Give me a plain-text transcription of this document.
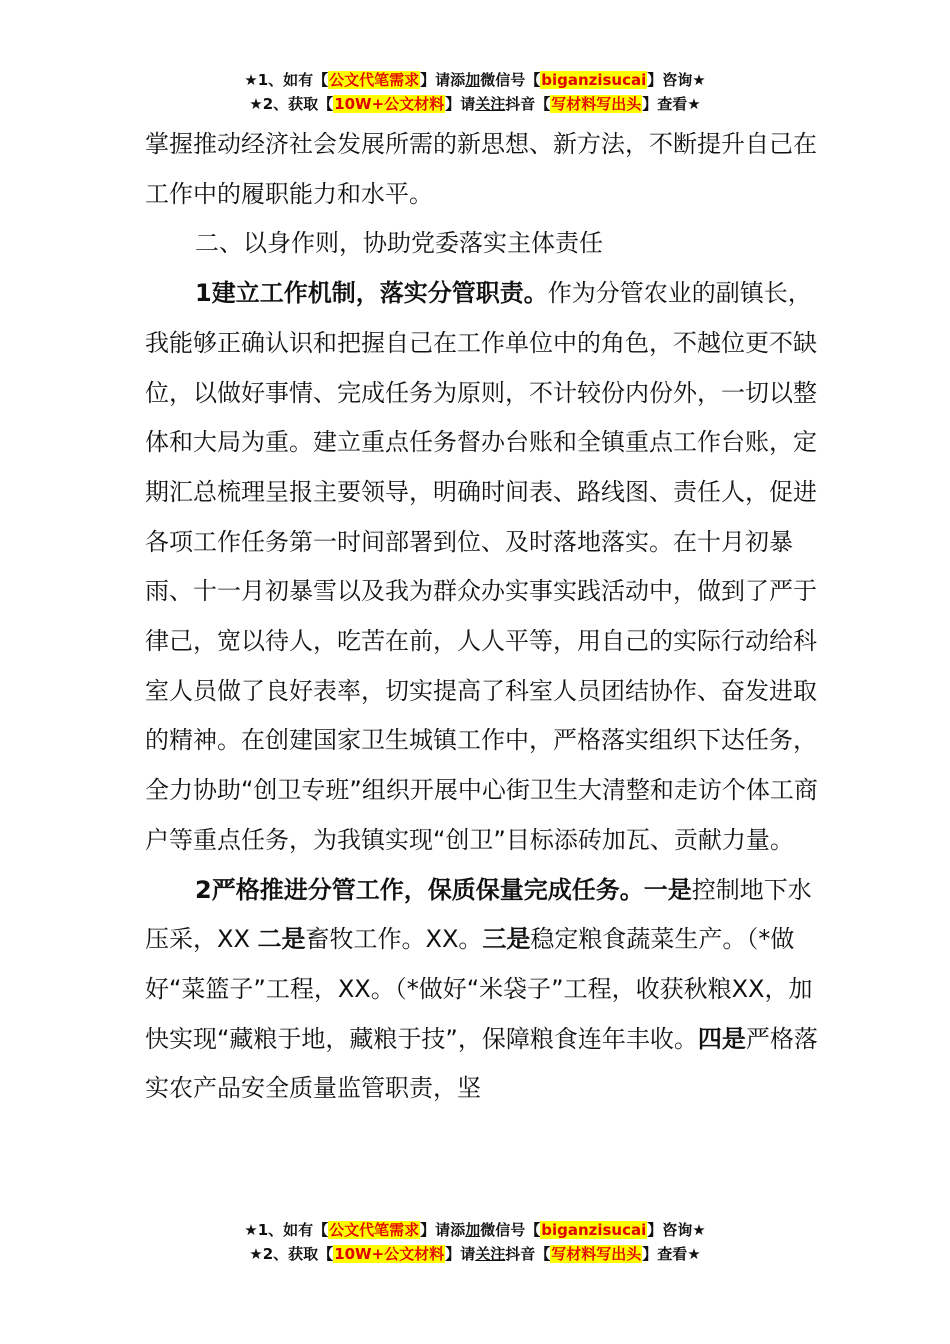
★1、如有【公文代笔需求】请添加微信号【biganzisucai】咨询★
★2、获取【10W+公文材料】请关注抖音【写材料写出头】查看★

掌握推动经济社会发展所需的新思想、新方法，不断提升自己在工作中的履职能力和水平。

二、以身作则，协助党委落实主体责任

1建立工作机制，落实分管职责。作为分管农业的副镇长，我能够正确认识和把握自己在工作单位中的角色，不越位更不缺位，以做好事情、完成任务为原则，不计较份内份外，一切以整体和大局为重。建立重点任务督办台账和全镇重点工作台账，定期汇总梳理呈报主要领导，明确时间表、路线图、责任人，促进各项工作任务第一时间部署到位、及时落地落实。在十月初暴雨、十一月初暴雪以及我为群众办实事实践活动中，做到了严于律己，宽以待人，吃苦在前，人人平等，用自己的实际行动给科室人员做了良好表率，切实提高了科室人员团结协作、奋发进取的精神。在创建国家卫生城镇工作中，严格落实组织下达任务，全力协助“创卫专班”组织开展中心街卫生大清整和走访个体工商户等重点任务，为我镇实现“创卫”目标添砖加瓦、贡献力量。

2严格推进分管工作，保质保量完成任务。一是控制地下水压采，XX 二是畜牧工作。XX。三是稳定粮食蔬菜生产。（*做好“菜篮子”工程，XX。（*做好“米袋子”工程，收获秋粮XX，加快实现“藏粮于地，藏粮于技”，保障粮食连年丰收。四是严格落实农产品安全质量监管职责，坚

★1、如有【公文代笔需求】请添加微信号【biganzisucai】咨询★
★2、获取【10W+公文材料】请关注抖音【写材料写出头】查看★
